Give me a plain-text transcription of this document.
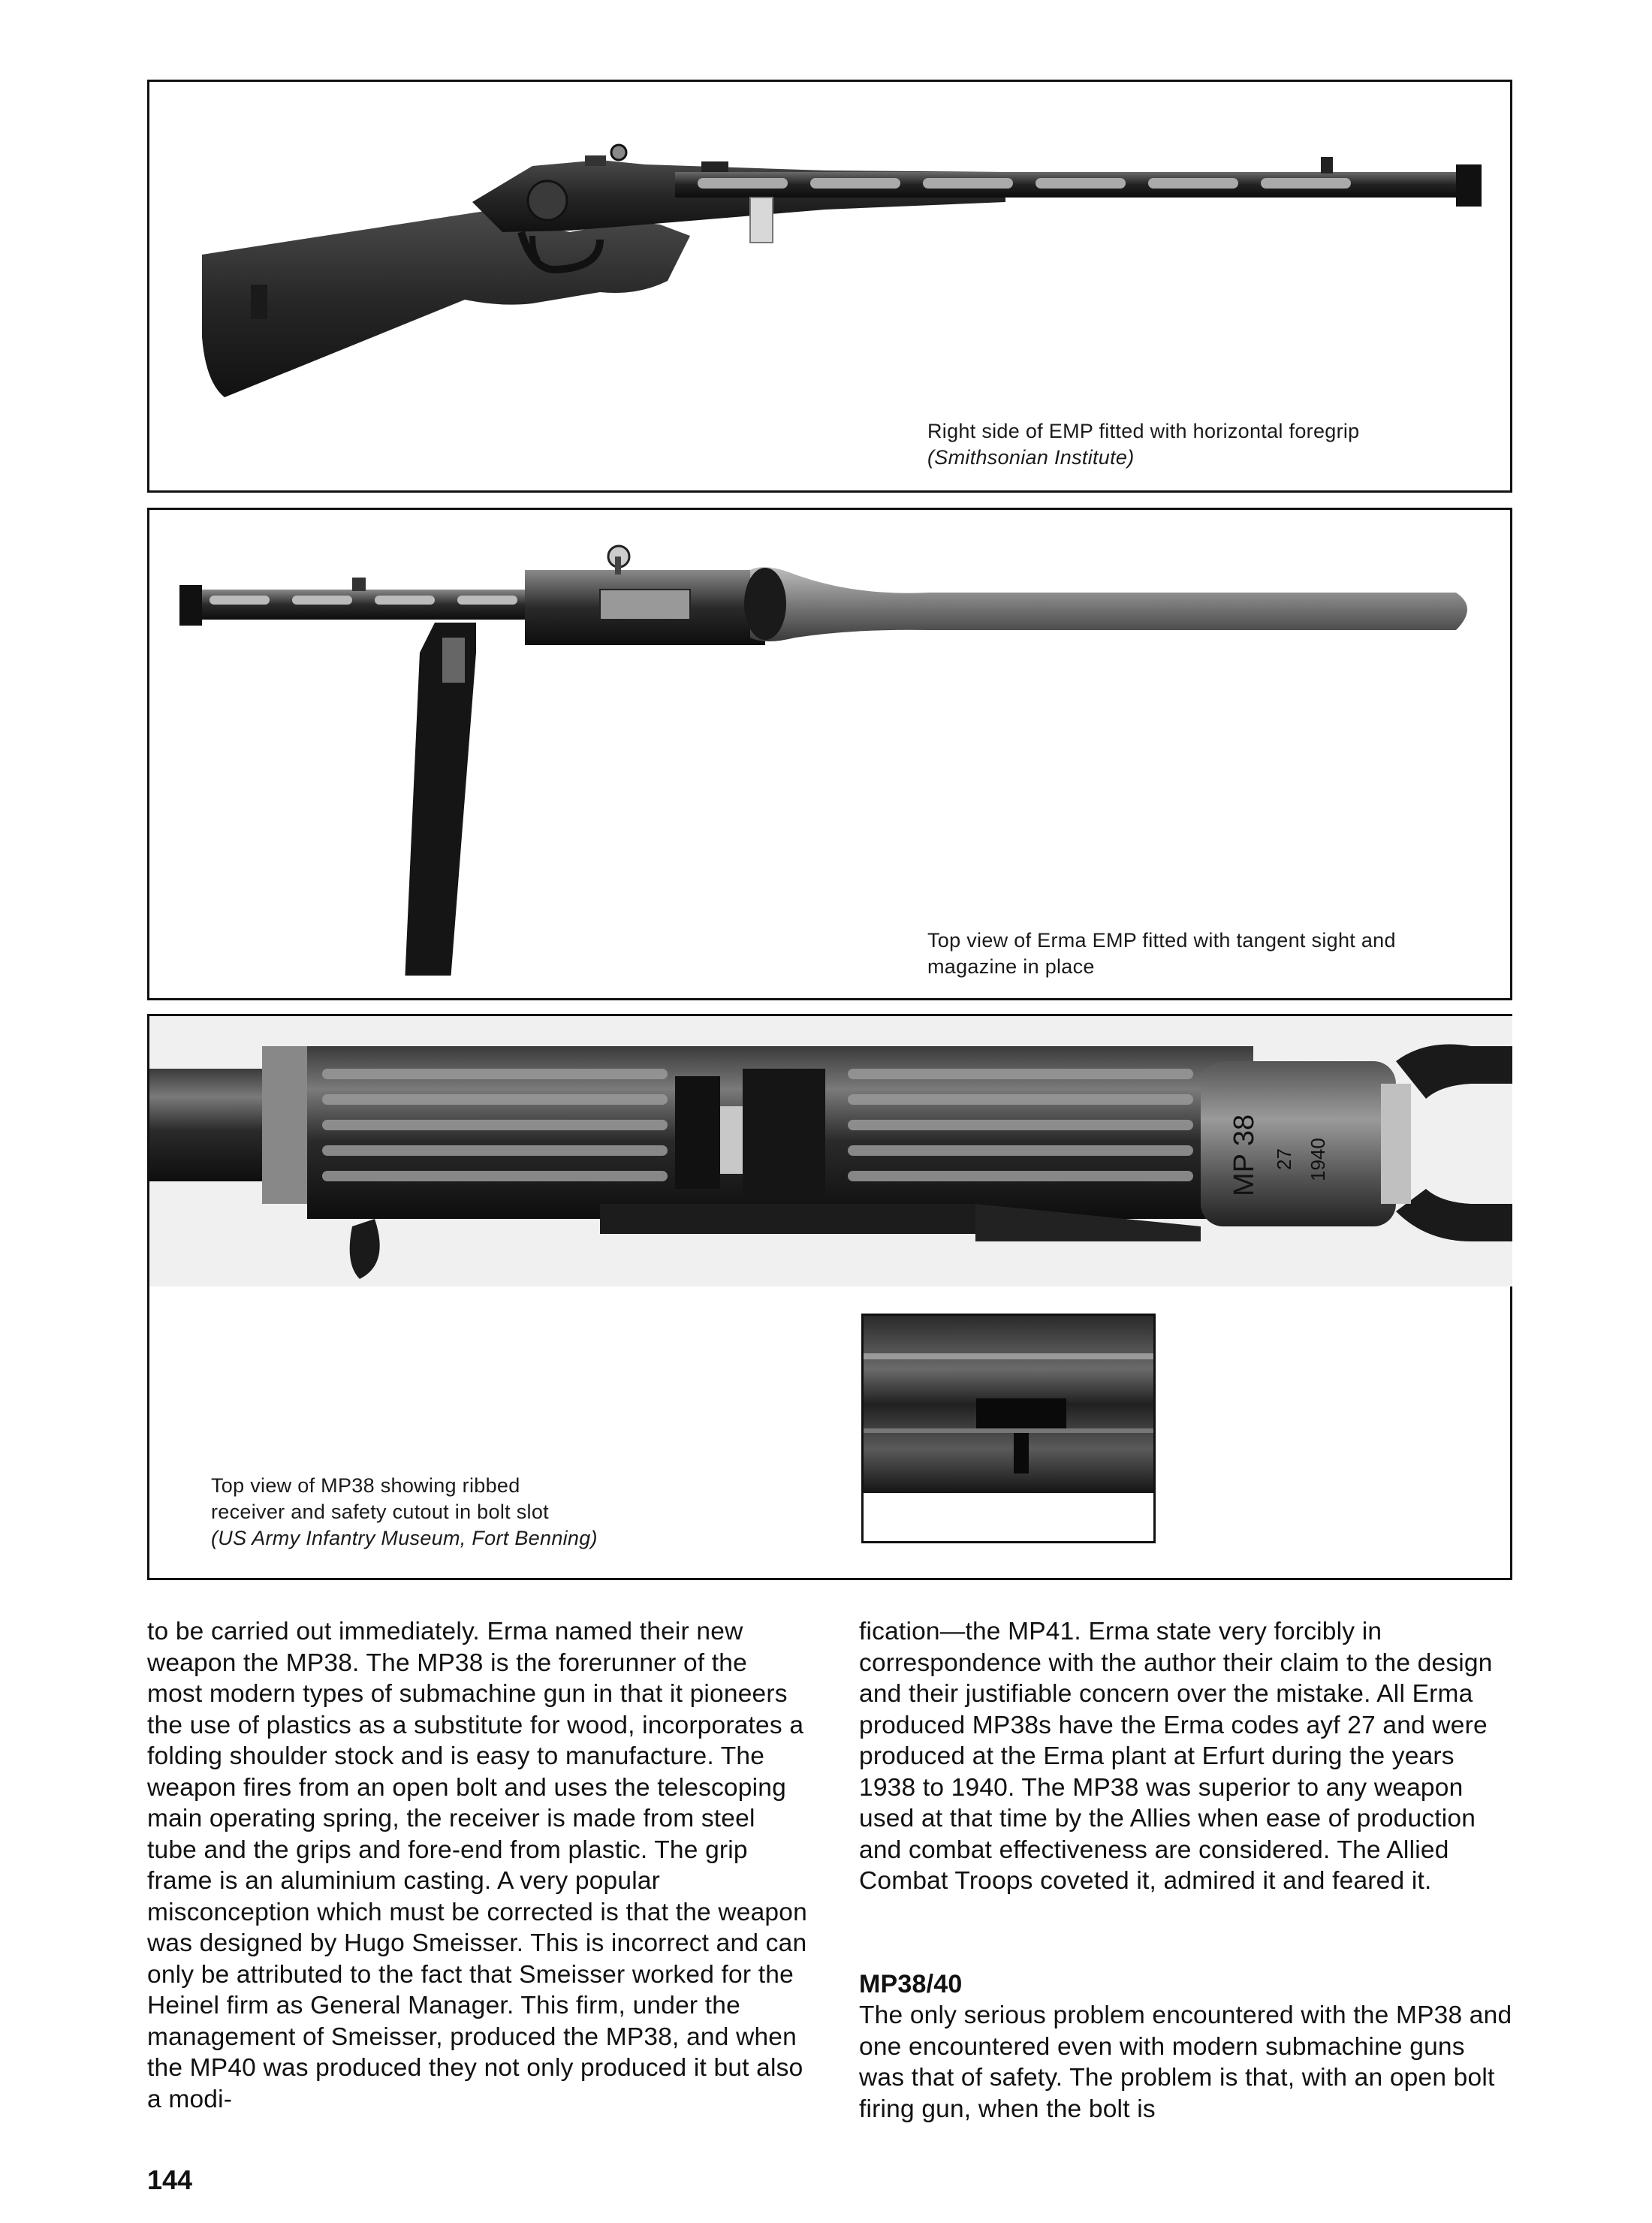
Right side of EMP fitted with horizontal foregrip (Smithsonian Institute)
Top view of Erma EMP fitted with tangent sight and magazine in place
MP 38 27 1940
Top view of MP38 showing ribbed
receiver and safety cutout in bolt slot
(US Army Infantry Museum, Fort Benning)

to be carried out immediately. Erma named their new weapon the MP38. The MP38 is the forerunner of the most modern types of submachine gun in that it pioneers the use of plastics as a substitute for wood, incorporates a folding shoulder stock and is easy to manufacture. The weapon fires from an open bolt and uses the telescoping main operating spring, the receiver is made from steel tube and the grips and fore-end from plastic. The grip frame is an aluminium casting. A very popular misconception which must be corrected is that the weapon was designed by Hugo Smeisser. This is incorrect and can only be attributed to the fact that Smeisser worked for the Heinel firm as General Manager. This firm, under the management of Smeisser, produced the MP38, and when the MP40 was produced they not only produced it but also a modi-

fication—the MP41. Erma state very forcibly in correspondence with the author their claim to the design and their justifiable concern over the mistake. All Erma produced MP38s have the Erma codes ayf 27 and were produced at the Erma plant at Erfurt during the years 1938 to 1940. The MP38 was superior to any weapon used at that time by the Allies when ease of production and combat effectiveness are considered. The Allied Combat Troops coveted it, admired it and feared it.

MP38/40

The only serious problem encountered with the MP38 and one encountered even with modern submachine guns was that of safety. The problem is that, with an open bolt firing gun, when the bolt is

144
